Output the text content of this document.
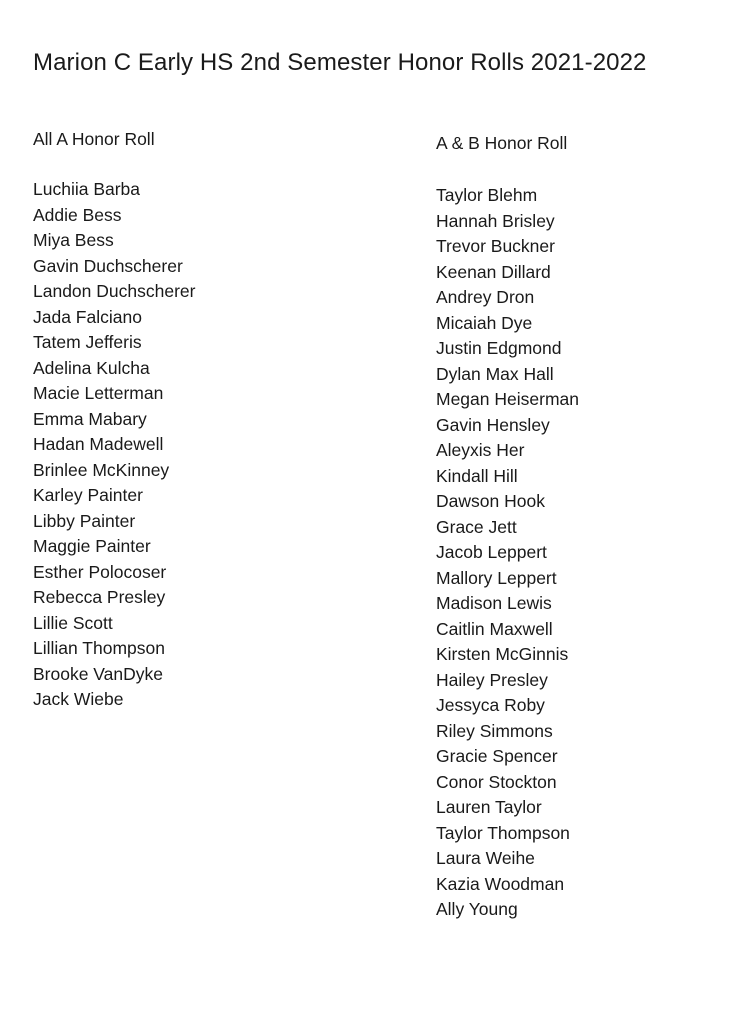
Marion C Early HS 2nd Semester Honor Rolls 2021-2022
All A Honor Roll
Luchiia Barba
Addie Bess
Miya Bess
Gavin Duchscherer
Landon Duchscherer
Jada Falciano
Tatem Jefferis
Adelina Kulcha
Macie Letterman
Emma Mabary
Hadan Madewell
Brinlee McKinney
Karley Painter
Libby Painter
Maggie Painter
Esther Polocoser
Rebecca Presley
Lillie Scott
Lillian Thompson
Brooke VanDyke
Jack Wiebe
A & B Honor Roll
Taylor Blehm
Hannah Brisley
Trevor Buckner
Keenan Dillard
Andrey Dron
Micaiah Dye
Justin Edgmond
Dylan Max Hall
Megan Heiserman
Gavin Hensley
Aleyxis Her
Kindall Hill
Dawson Hook
Grace Jett
Jacob Leppert
Mallory Leppert
Madison Lewis
Caitlin Maxwell
Kirsten McGinnis
Hailey Presley
Jessyca Roby
Riley Simmons
Gracie Spencer
Conor Stockton
Lauren Taylor
Taylor Thompson
Laura Weihe
Kazia Woodman
Ally Young
